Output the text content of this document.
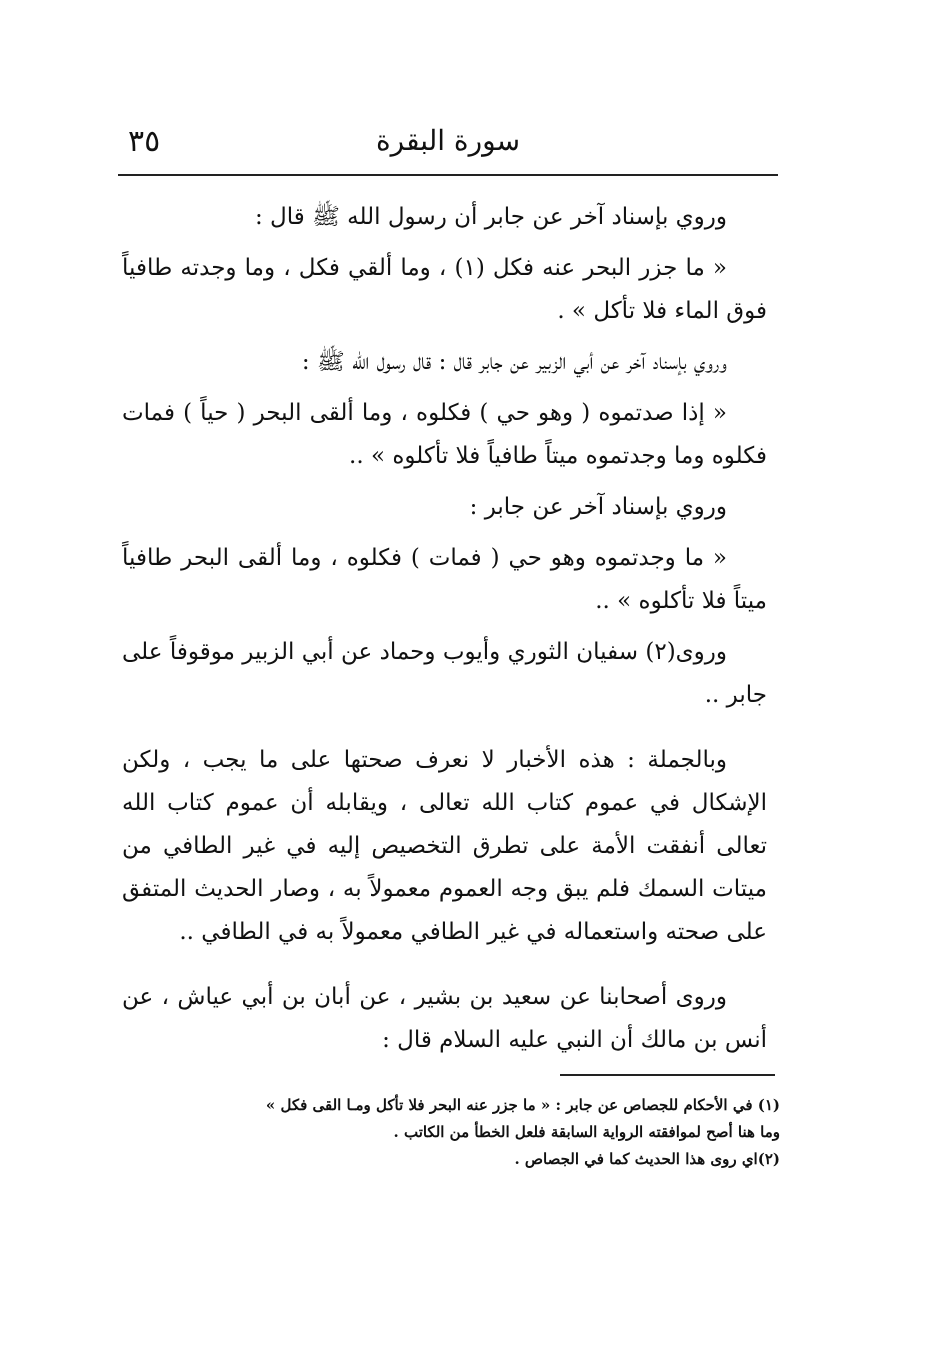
٣٥	سورة البقرة

وروي بإسناد آخر عن جابر أن رسول الله ﷺ قال :

« ما جزر البحر عنه فكل (١) ، وما ألقي فكل ، وما وجدته طافياً فوق الماء فلا تأكل » .

وروي بإسناد آخر عن أبي الزبير عن جابر قال : قال رسول الله ﷺ :

« إذا صدتموه ( وهو حي ) فكلوه ، وما ألقى البحر ( حياً ) فمات فكلوه وما وجدتموه ميتاً طافياً فلا تأكلوه » ..

وروي بإسناد آخر عن جابر :

« ما وجدتموه وهو حي ( فمات ) فكلوه ، وما ألقى البحر طافياً ميتاً فلا تأكلوه » ..

وروى(٢) سفيان الثوري وأيوب وحماد عن أبي الزبير موقوفاً على جابر ..

وبالجملة : هذه الأخبار لا نعرف صحتها على ما يجب ، ولكن الإشكال في عموم كتاب الله تعالى ، ويقابله أن عموم كتاب الله تعالى أنفقت الأمة على تطرق التخصيص إليه في غير الطافي من ميتات السمك فلم يبق وجه العموم معمولاً به ، وصار الحديث المتفق على صحته واستعماله في غير الطافي معمولاً به في الطافي ..

وروى أصحابنا عن سعيد بن بشير ، عن أبان بن أبي عياش ، عن أنس بن مالك أن النبي عليه السلام قال :

(١) في الأحكام للجصاص عن جابر : « ما جزر عنه البحر فلا تأكل ومـا القى فكل »
وما هنا أصح لموافقته الرواية السابقة فلعل الخطأ من الكاتب .

(٢)اي روى هذا الحديث كما في الجصاص .
